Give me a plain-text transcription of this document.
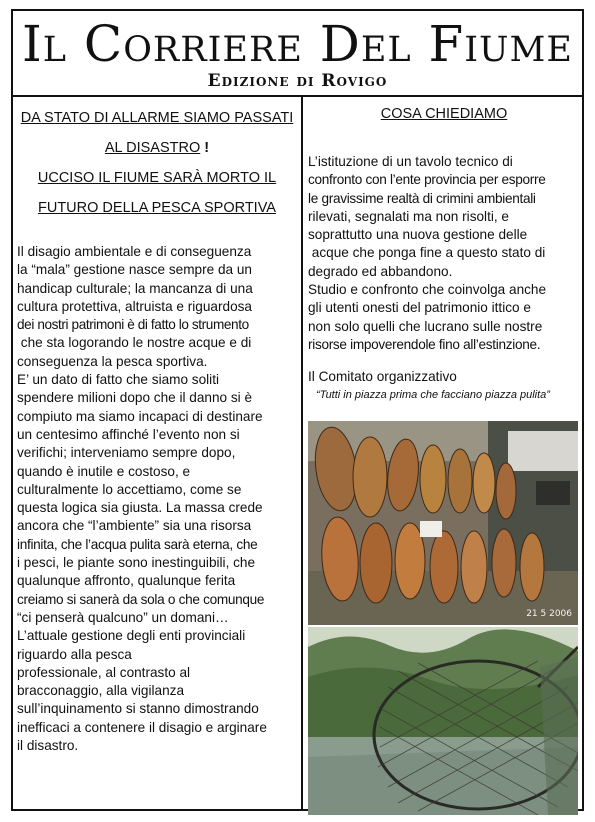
Il Corriere Del Fiume
Edizione di Rovigo
DA STATO DI ALLARME SIAMO PASSATI
AL DISASTRO !
UCCISO IL FIUME SARÀ MORTO IL
FUTURO DELLA PESCA SPORTIVA
Il disagio ambientale e di conseguenza
la “mala” gestione nasce sempre da un
handicap culturale; la mancanza di una
cultura protettiva, altruista e riguardosa
dei nostri patrimoni è di fatto lo strumento
che sta logorando le nostre acque e di
conseguenza la pesca sportiva.
E’ un dato di fatto che siamo soliti
spendere milioni dopo che il danno si è
compiuto ma siamo incapaci di destinare
un centesimo affinché l’evento non si
verifichi; interveniamo sempre dopo,
quando è inutile e costoso, e
culturalmente lo accettiamo, come se
questa logica sia giusta. La massa crede
ancora che “l’ambiente” sia una risorsa
infinita, che l’acqua pulita sarà eterna, che
i pesci, le piante sono inestinguibili, che
qualunque affronto, qualunque ferita
creiamo si sanerà da sola o che comunque
“ci penserà qualcuno” un domani…
L’attuale gestione degli enti provinciali
riguardo alla pesca
professionale, al contrasto al
bracconaggio, alla vigilanza
sull’inquinamento si stanno dimostrando
inefficaci a contenere il disagio e arginare
il disastro.
COSA CHIEDIAMO
L’istituzione di un tavolo tecnico di
confronto con l’ente provincia per esporre
le gravissime realtà di crimini ambientali
rilevati, segnalati ma non risolti, e
soprattutto una nuova gestione delle
acque che ponga fine a questo stato di
degrado ed abbandono.
Studio e confronto che coinvolga anche
gli utenti onesti del patrimonio ittico e
non solo quelli che lucrano sulle nostre
risorse impoverendole fino all’estinzione.
Il Comitato organizzativo
“Tutti in piazza prima che facciano piazza pulita”
21 5 2006
